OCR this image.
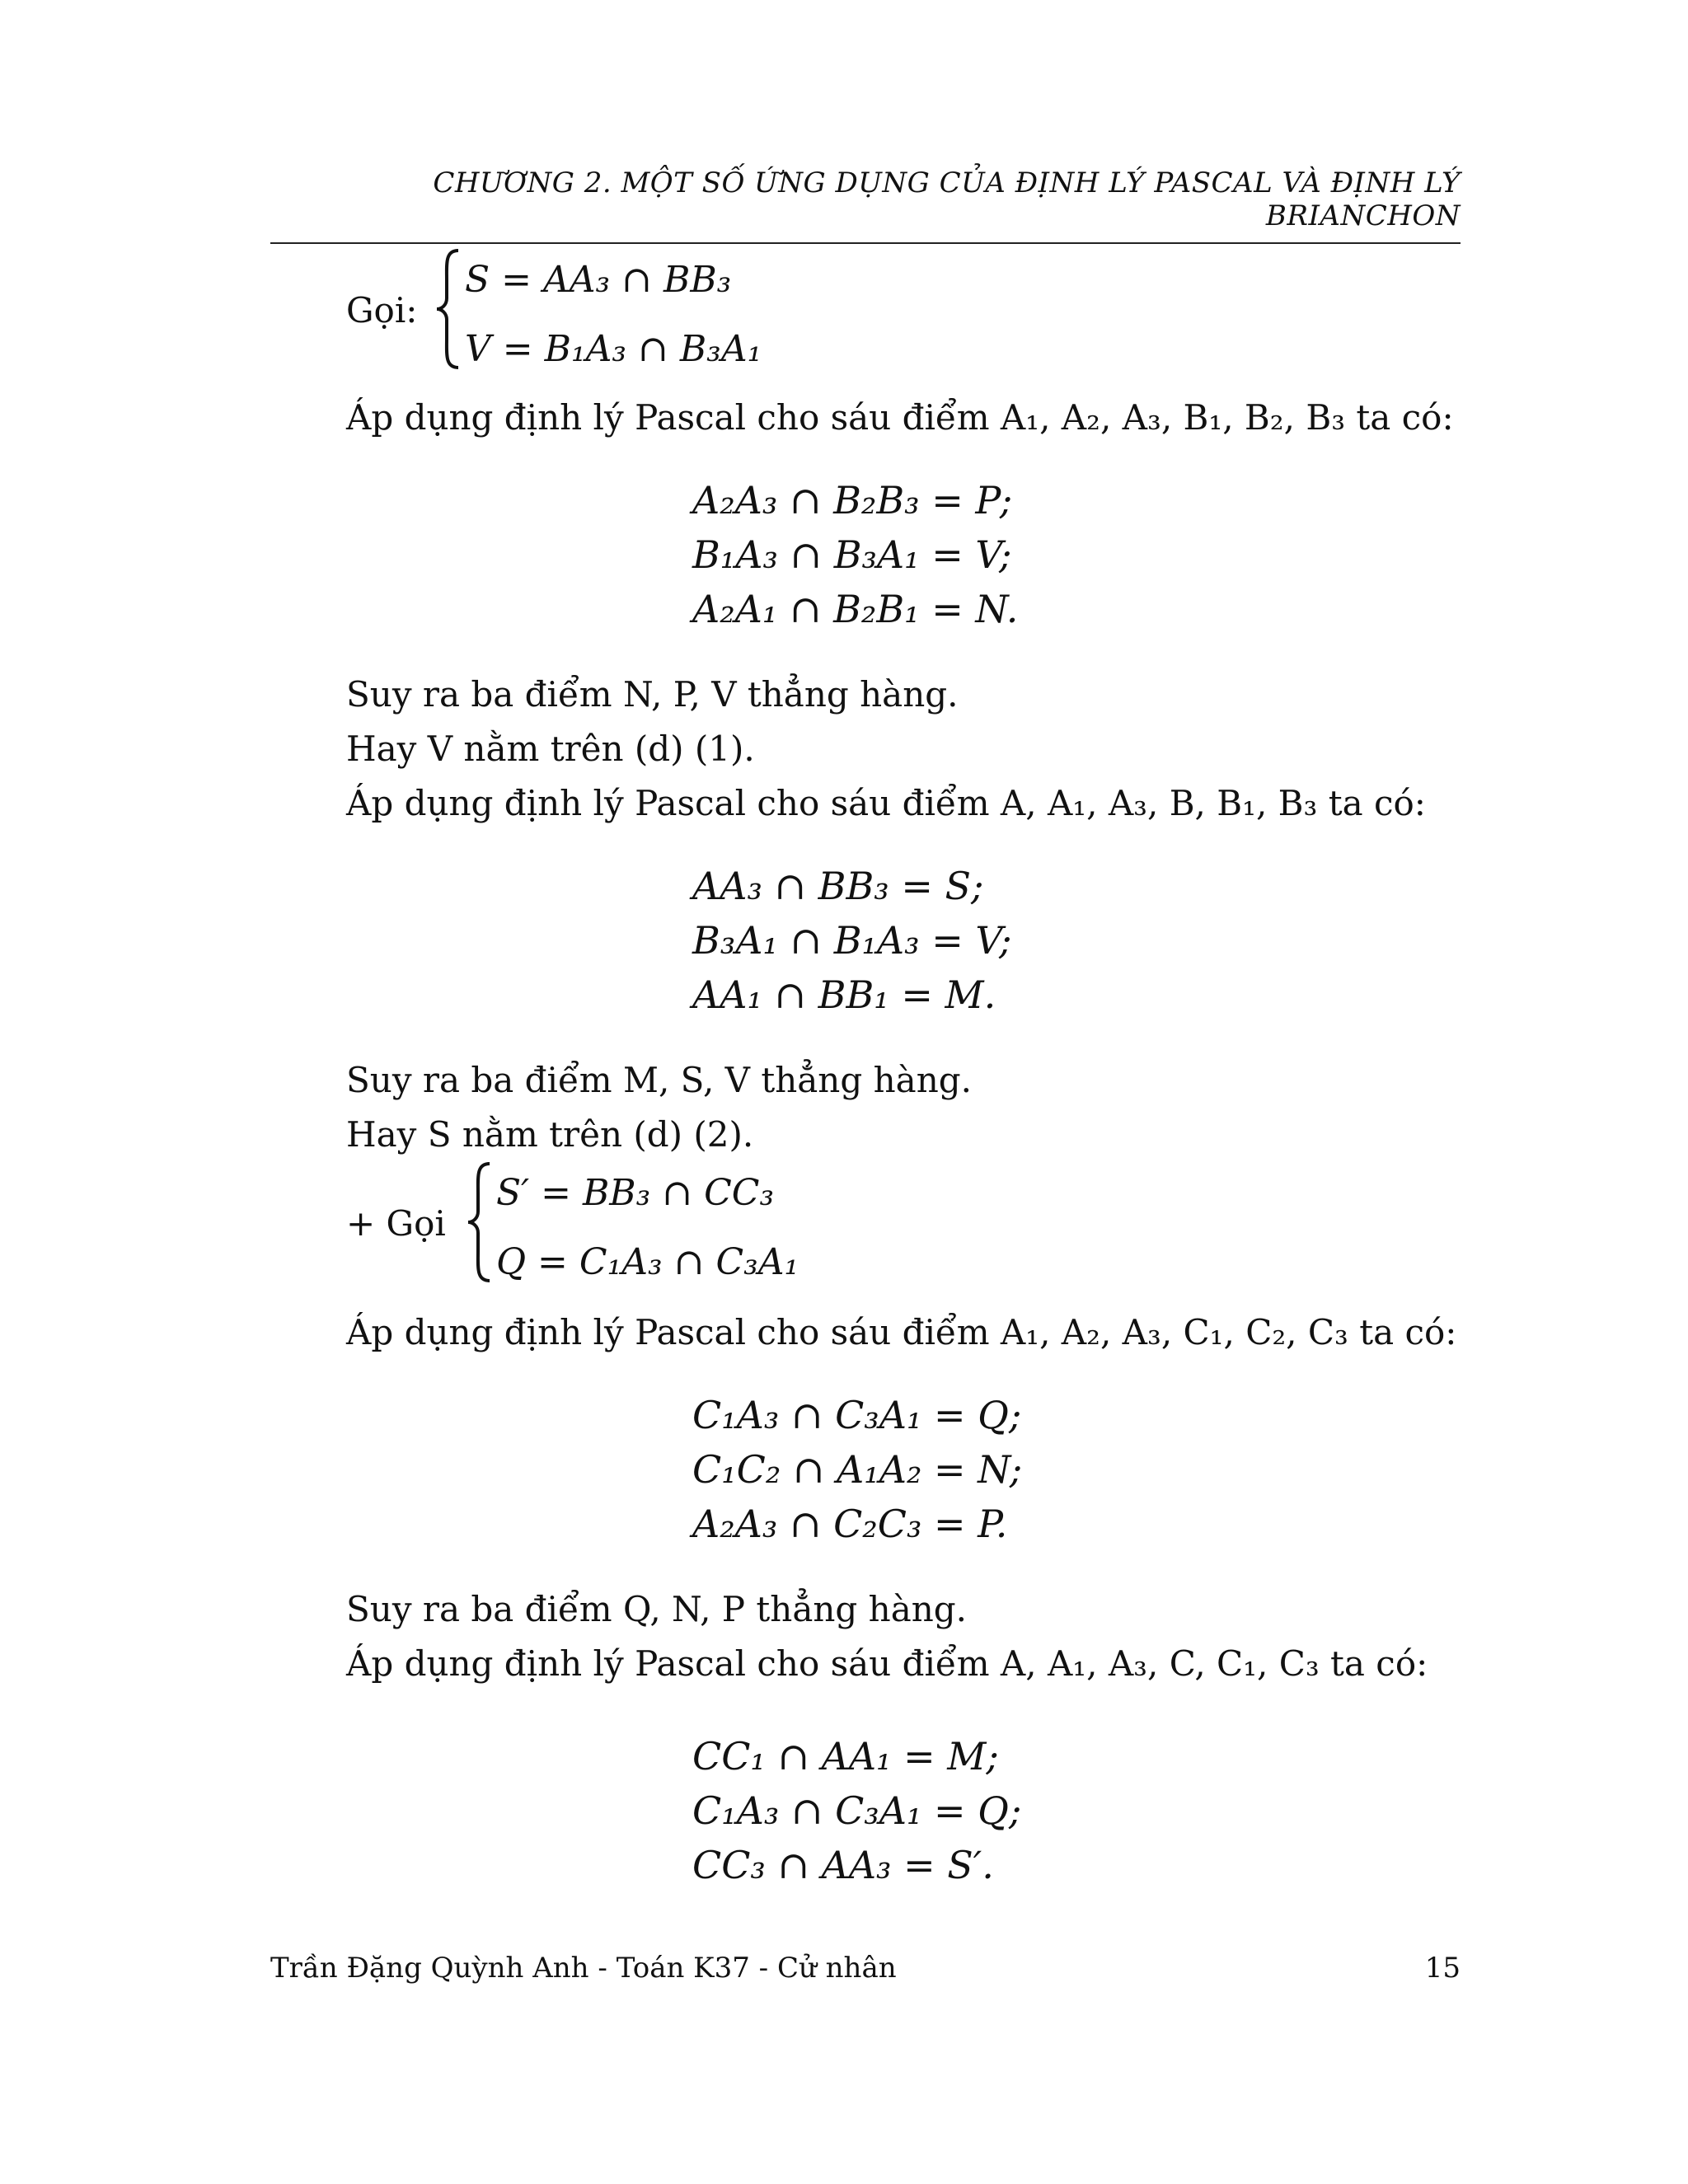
CHƯƠNG 2. MỘT SỐ ỨNG DỤNG CỦA ĐỊNH LÝ PASCAL VÀ ĐỊNH LÝ BRIANCHON
Gọi:
S = AA₃ ∩ BB₃
V = B₁A₃ ∩ B₃A₁
Áp dụng định lý Pascal cho sáu điểm A₁, A₂, A₃, B₁, B₂, B₃ ta có:
A₂A₃ ∩ B₂B₃ = P;
B₁A₃ ∩ B₃A₁ = V;
A₂A₁ ∩ B₂B₁ = N.
Suy ra ba điểm N, P, V thẳng hàng.
Hay V nằm trên (d) (1).
Áp dụng định lý Pascal cho sáu điểm A, A₁, A₃, B, B₁, B₃ ta có:
AA₃ ∩ BB₃ = S;
B₃A₁ ∩ B₁A₃ = V;
AA₁ ∩ BB₁ = M.
Suy ra ba điểm M, S, V thẳng hàng.
Hay S nằm trên (d) (2).
+ Gọi
S′ = BB₃ ∩ CC₃
Q = C₁A₃ ∩ C₃A₁
Áp dụng định lý Pascal cho sáu điểm A₁, A₂, A₃, C₁, C₂, C₃ ta có:
C₁A₃ ∩ C₃A₁ = Q;
C₁C₂ ∩ A₁A₂ = N;
A₂A₃ ∩ C₂C₃ = P.
Suy ra ba điểm Q, N, P thẳng hàng.
Áp dụng định lý Pascal cho sáu điểm A, A₁, A₃, C, C₁, C₃ ta có:
CC₁ ∩ AA₁ = M;
C₁A₃ ∩ C₃A₁ = Q;
CC₃ ∩ AA₃ = S′.
Trần Đặng Quỳnh Anh - Toán K37 - Cử nhân	15
